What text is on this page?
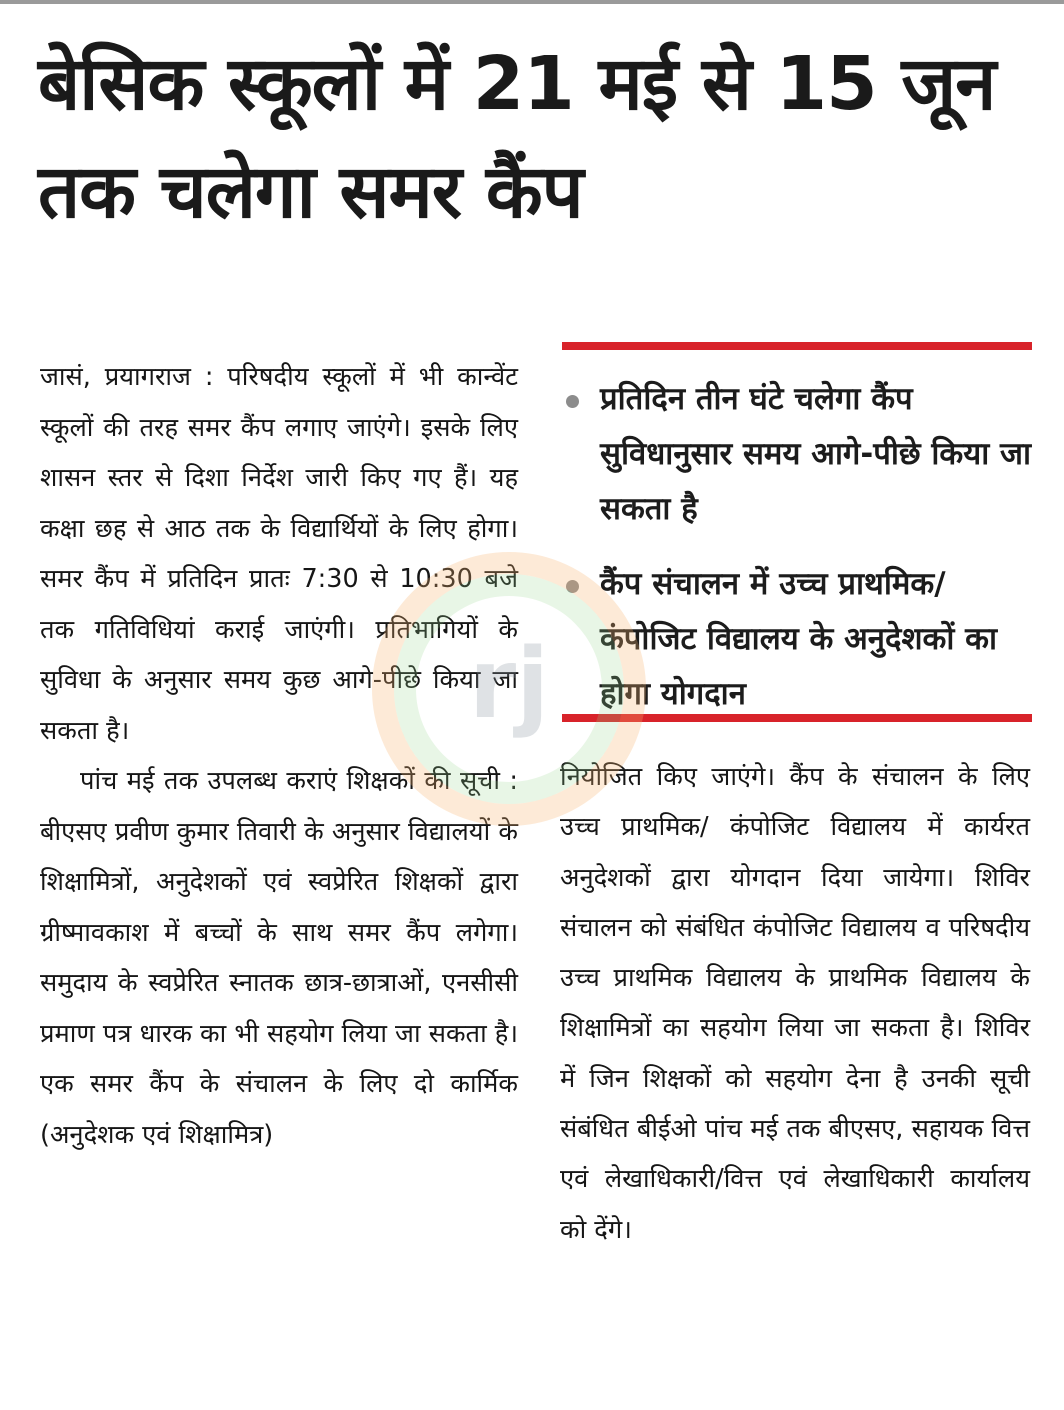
बेसिक स्कूलों में 21 मई से 15 जून तक चलेगा समर कैंप

जासं, प्रयागराज : परिषदीय स्कूलों में भी कान्वेंट स्कूलों की तरह समर कैंप लगाए जाएंगे। इसके लिए शासन स्तर से दिशा निर्देश जारी किए गए हैं। यह कक्षा छह से आठ तक के विद्यार्थियों के लिए होगा। समर कैंप में प्रतिदिन प्रातः 7:30 से 10:30 बजे तक गतिविधियां कराई जाएंगी। प्रतिभागियों के सुविधा के अनुसार समय कुछ आगे-पीछे किया जा सकता है।

पांच मई तक उपलब्ध कराएं शिक्षकों की सूची : बीएसए प्रवीण कुमार तिवारी के अनुसार विद्यालयों के शिक्षामित्रों, अनुदेशकों एवं स्वप्रेरित शिक्षकों द्वारा ग्रीष्मावकाश में बच्चों के साथ समर कैंप लगेगा। समुदाय के स्वप्रेरित स्नातक छात्र-छात्राओं, एनसीसी प्रमाण पत्र धारक का भी सहयोग लिया जा सकता है। एक समर कैंप के संचालन के लिए दो कार्मिक (अनुदेशक एवं शिक्षामित्र)

प्रतिदिन तीन घंटे चलेगा कैंप सुविधानुसार समय आगे-पीछे किया जा सकता है
कैंप संचालन में उच्च प्राथमिक/ कंपोजिट विद्यालय के अनुदेशकों का होगा योगदान

नियोजित किए जाएंगे। कैंप के संचालन के लिए उच्च प्राथमिक/ कंपोजिट विद्यालय में कार्यरत अनुदेशकों द्वारा योगदान दिया जायेगा। शिविर संचालन को संबंधित कंपोजिट विद्यालय व परिषदीय उच्च प्राथमिक विद्यालय के प्राथमिक विद्यालय के शिक्षामित्रों का सहयोग लिया जा सकता है। शिविर में जिन शिक्षकों को सहयोग देना है उनकी सूची संबंधित बीईओ पांच मई तक बीएसए, सहायक वित्त एवं लेखाधिकारी/वित्त एवं लेखाधिकारी कार्यालय को देंगे।

rj
